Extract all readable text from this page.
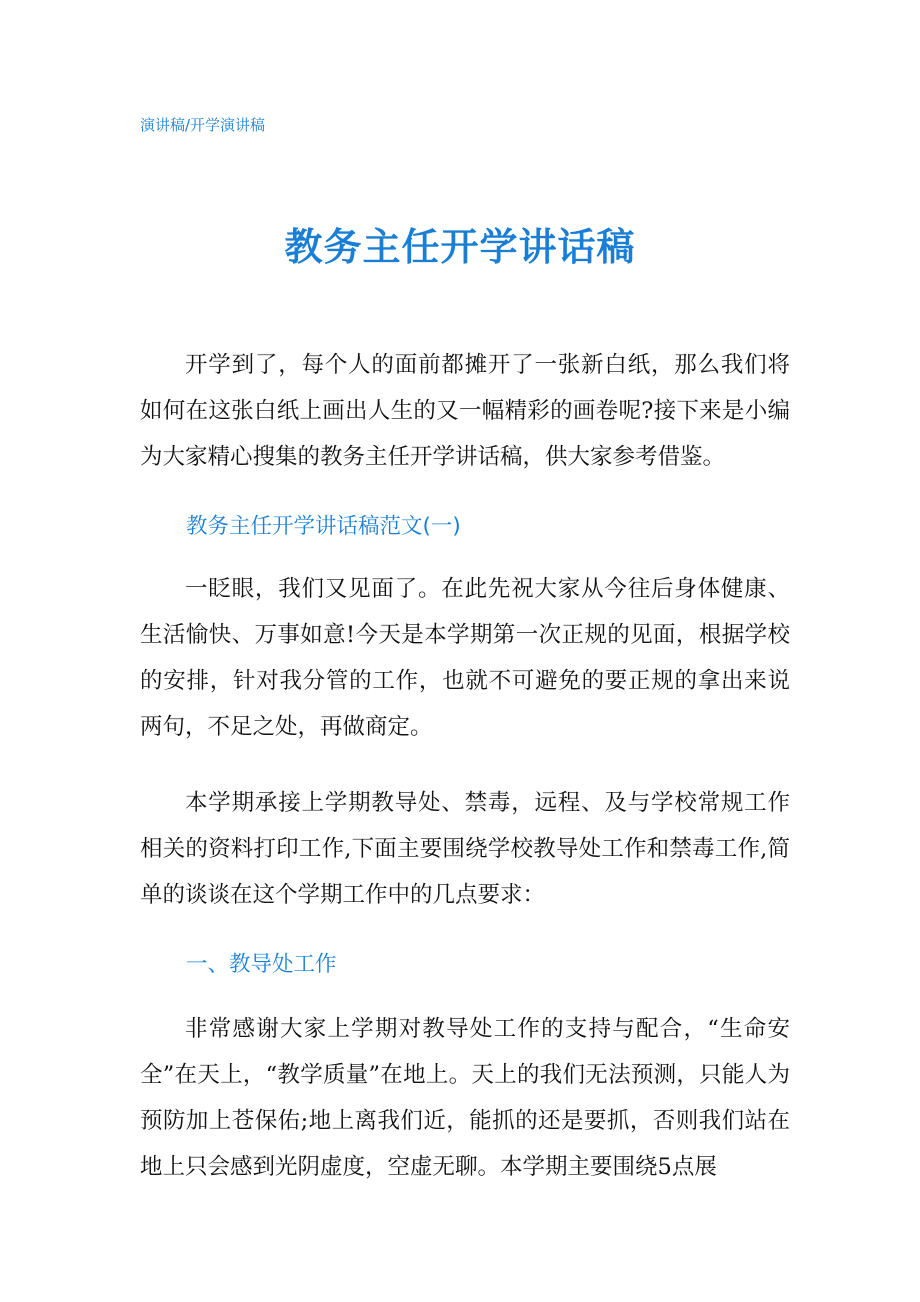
演讲稿/开学演讲稿
教务主任开学讲话稿

开学到了，每个人的面前都摊开了一张新白纸，那么我们将如何在这张白纸上画出人生的又一幅精彩的画卷呢?接下来是小编为大家精心搜集的教务主任开学讲话稿，供大家参考借鉴。

教务主任开学讲话稿范文(一)

一眨眼，我们又见面了。在此先祝大家从今往后身体健康、生活愉快、万事如意!今天是本学期第一次正规的见面，根据学校的安排，针对我分管的工作，也就不可避免的要正规的拿出来说两句，不足之处，再做商定。

本学期承接上学期教导处、禁毒，远程、及与学校常规工作相关的资料打印工作,下面主要围绕学校教导处工作和禁毒工作,简单的谈谈在这个学期工作中的几点要求：

一、教导处工作

非常感谢大家上学期对教导处工作的支持与配合，“生命安全”在天上，“教学质量”在地上。天上的我们无法预测，只能人为预防加上苍保佑;地上离我们近，能抓的还是要抓，否则我们站在地上只会感到光阴虚度，空虚无聊。本学期主要围绕5点展
